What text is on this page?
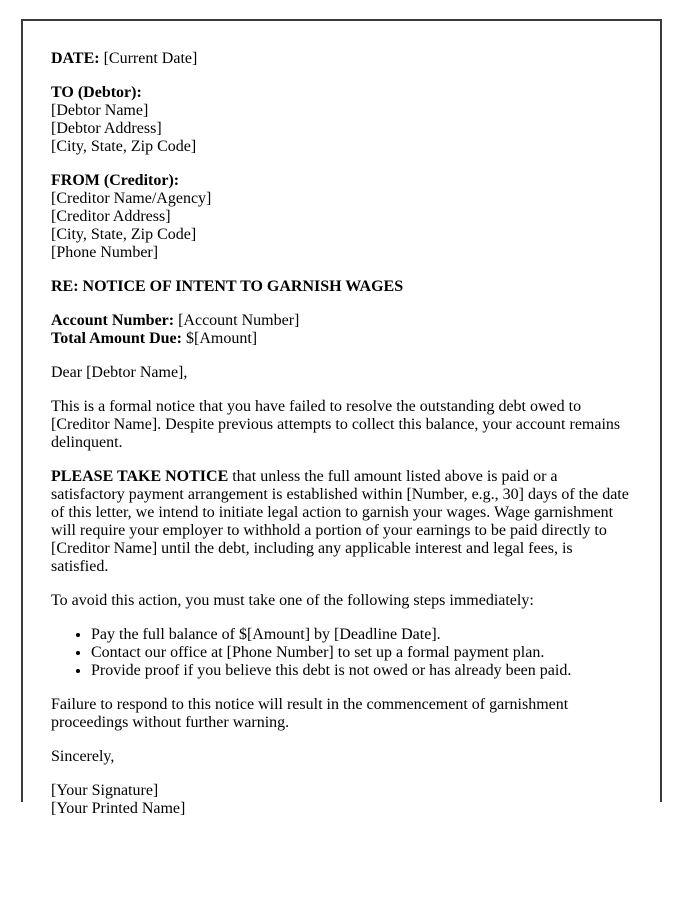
DATE: [Current Date]

TO (Debtor):
[Debtor Name]
[Debtor Address]
[City, State, Zip Code]

FROM (Creditor):
[Creditor Name/Agency]
[Creditor Address]
[City, State, Zip Code]
[Phone Number]

RE: NOTICE OF INTENT TO GARNISH WAGES

Account Number: [Account Number]
Total Amount Due: $[Amount]

Dear [Debtor Name],

This is a formal notice that you have failed to resolve the outstanding debt owed to [Creditor Name]. Despite previous attempts to collect this balance, your account remains delinquent.

PLEASE TAKE NOTICE that unless the full amount listed above is paid or a satisfactory payment arrangement is established within [Number, e.g., 30] days of the date of this letter, we intend to initiate legal action to garnish your wages. Wage garnishment will require your employer to withhold a portion of your earnings to be paid directly to [Creditor Name] until the debt, including any applicable interest and legal fees, is satisfied.

To avoid this action, you must take one of the following steps immediately:

• Pay the full balance of $[Amount] by [Deadline Date].
• Contact our office at [Phone Number] to set up a formal payment plan.
• Provide proof if you believe this debt is not owed or has already been paid.

Failure to respond to this notice will result in the commencement of garnishment proceedings without further warning.

Sincerely,

[Your Signature]
[Your Printed Name]
